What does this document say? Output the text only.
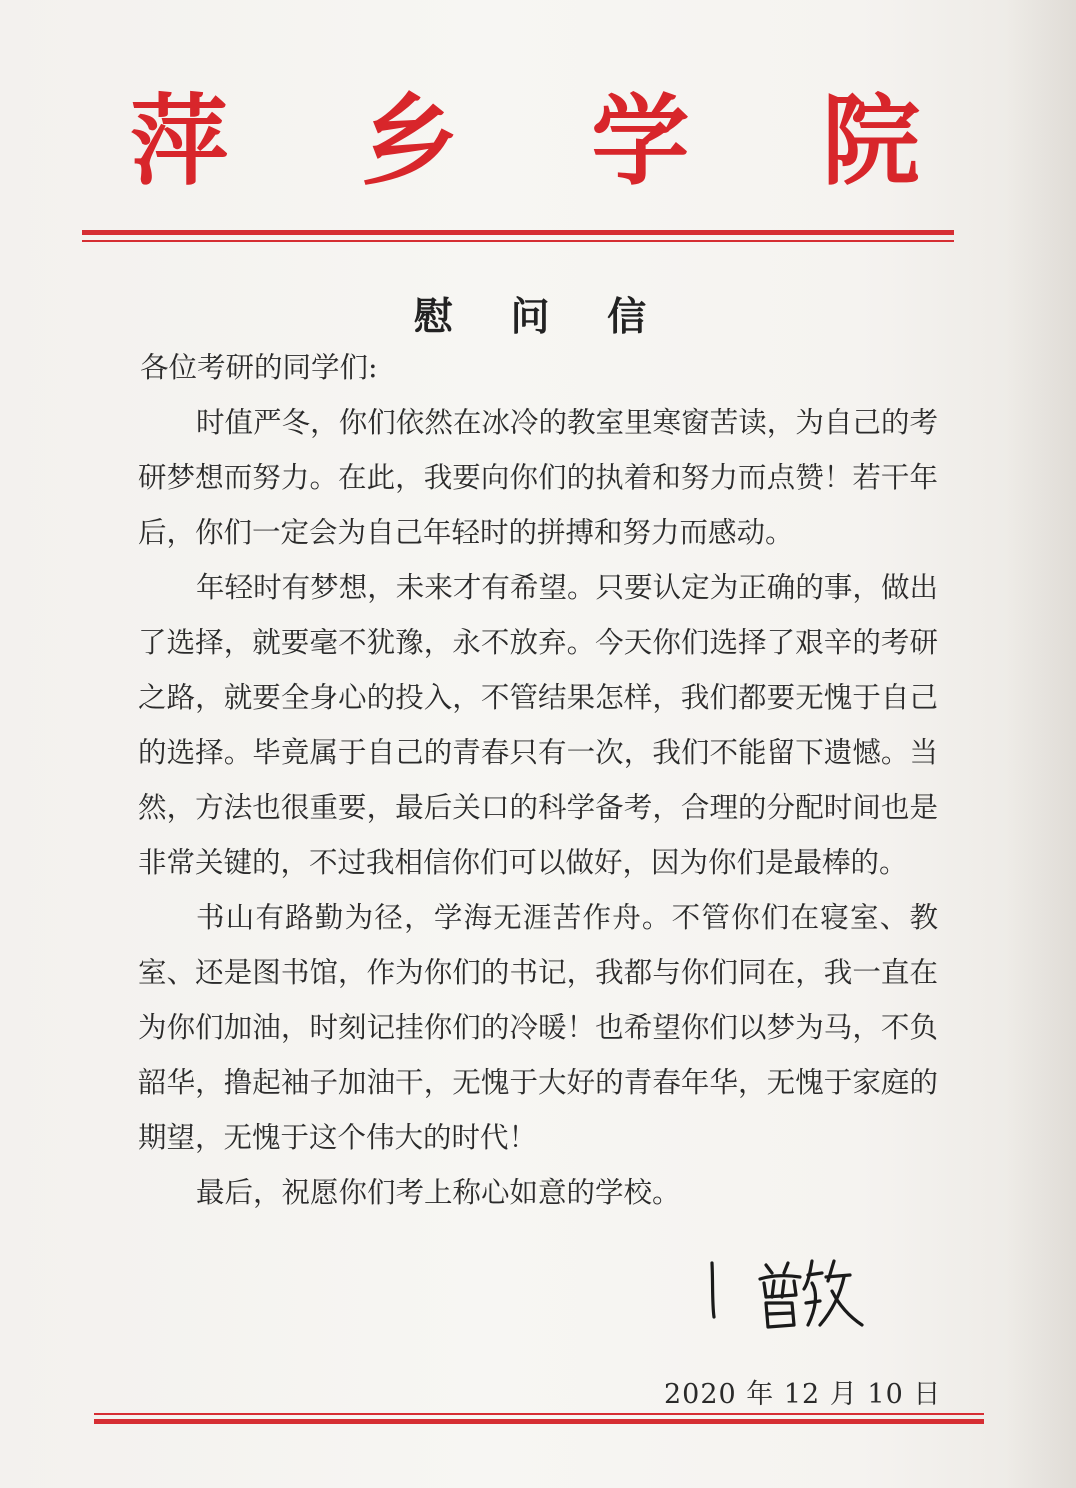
萍 乡 学 院
慰 问 信

各位考研的同学们:

时值严冬，你们依然在冰冷的教室里寒窗苦读，为自己的考研梦想而努力。在此，我要向你们的执着和努力而点赞！若干年后，你们一定会为自己年轻时的拼搏和努力而感动。

年轻时有梦想，未来才有希望。只要认定为正确的事，做出了选择，就要毫不犹豫，永不放弃。今天你们选择了艰辛的考研之路，就要全身心的投入，不管结果怎样，我们都要无愧于自己的选择。毕竟属于自己的青春只有一次，我们不能留下遗憾。当然，方法也很重要，最后关口的科学备考，合理的分配时间也是非常关键的，不过我相信你们可以做好，因为你们是最棒的。

书山有路勤为径，学海无涯苦作舟。不管你们在寝室、教室、还是图书馆，作为你们的书记，我都与你们同在，我一直在为你们加油，时刻记挂你们的冷暖！也希望你们以梦为马，不负韶华，撸起袖子加油干，无愧于大好的青春年华，无愧于家庭的期望，无愧于这个伟大的时代！

最后，祝愿你们考上称心如意的学校。

2020 年 12 月 10 日
